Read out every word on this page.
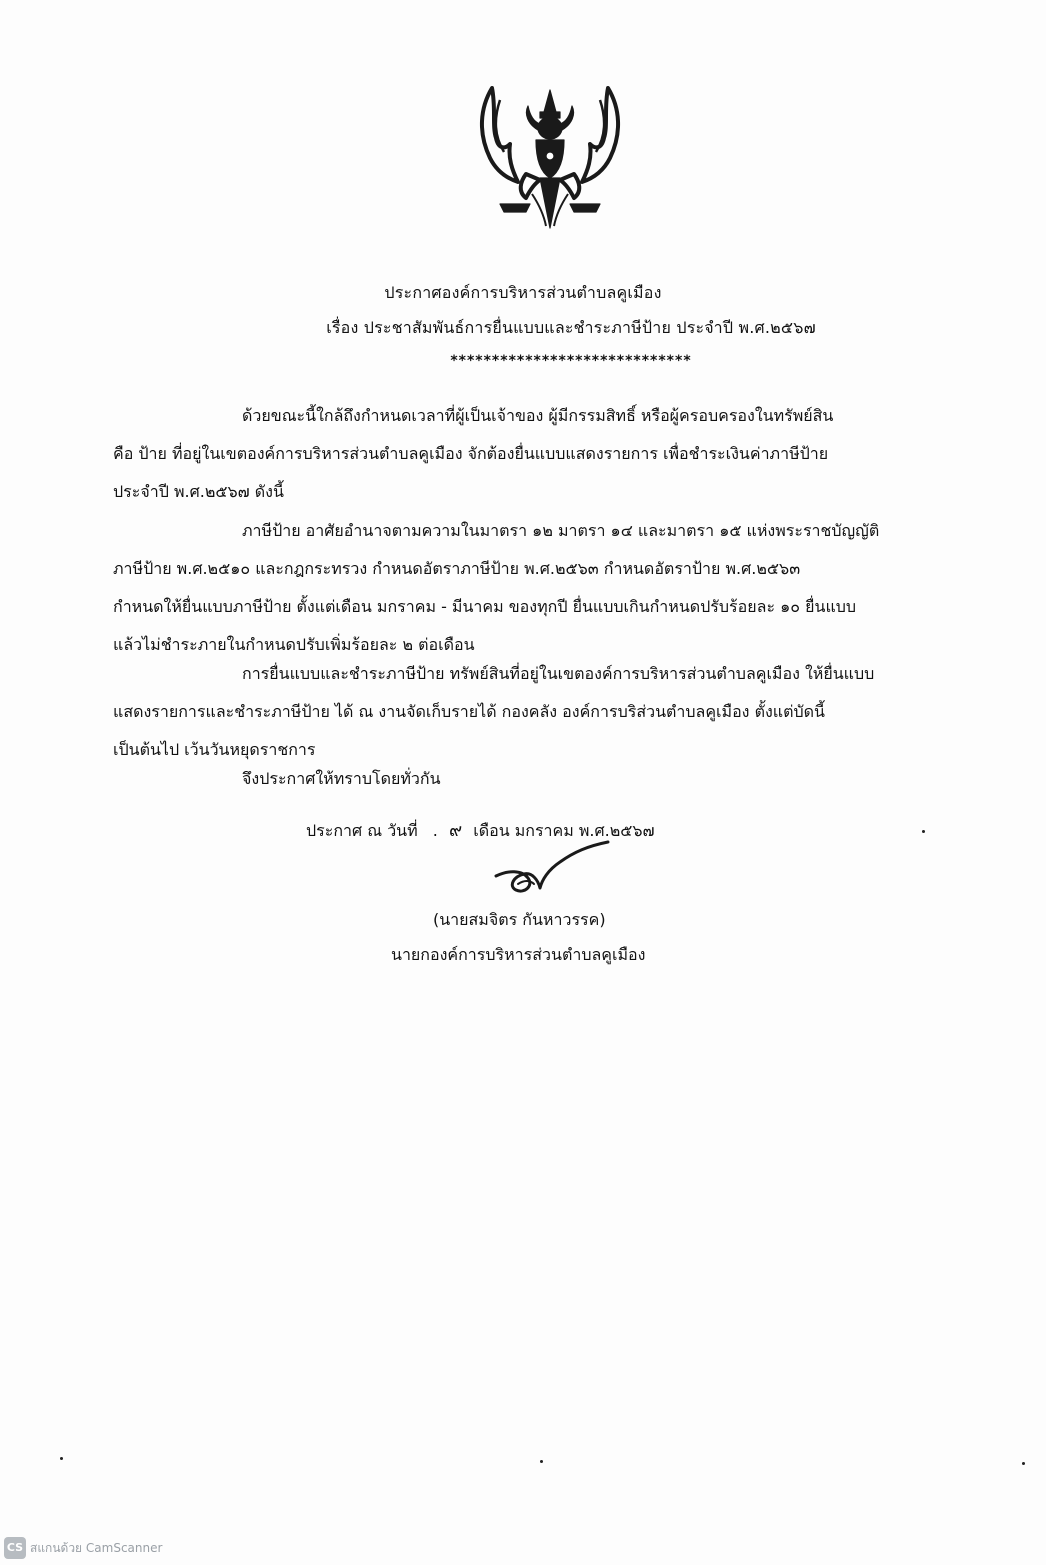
ประกาศองค์การบริหารส่วนตำบลคูเมือง
เรื่อง ประชาสัมพันธ์การยื่นแบบและชำระภาษีป้าย ประจำปี พ.ศ.๒๕๖๗
*****************************
ด้วยขณะนี้ใกล้ถึงกำหนดเวลาที่ผู้เป็นเจ้าของ ผู้มีกรรมสิทธิ์ หรือผู้ครอบครองในทรัพย์สิน
คือ ป้าย ที่อยู่ในเขตองค์การบริหารส่วนตำบลคูเมือง จักต้องยื่นแบบแสดงรายการ เพื่อชำระเงินค่าภาษีป้าย
ประจำปี พ.ศ.๒๕๖๗ ดังนี้
ภาษีป้าย อาศัยอำนาจตามความในมาตรา ๑๒ มาตรา ๑๔ และมาตรา ๑๕ แห่งพระราชบัญญัติ
ภาษีป้าย พ.ศ.๒๕๑๐ และกฎกระทรวง กำหนดอัตราภาษีป้าย พ.ศ.๒๕๖๓ กำหนดอัตราป้าย พ.ศ.๒๕๖๓
กำหนดให้ยื่นแบบภาษีป้าย ตั้งแต่เดือน มกราคม - มีนาคม ของทุกปี ยื่นแบบเกินกำหนดปรับร้อยละ ๑๐ ยื่นแบบ
แล้วไม่ชำระภายในกำหนดปรับเพิ่มร้อยละ ๒ ต่อเดือน
การยื่นแบบและชำระภาษีป้าย ทรัพย์สินที่อยู่ในเขตองค์การบริหารส่วนตำบลคูเมือง ให้ยื่นแบบ
แสดงรายการและชำระภาษีป้าย ได้ ณ งานจัดเก็บรายได้ กองคลัง องค์การบริส่วนตำบลคูเมือง ตั้งแต่บัดนี้
เป็นต้นไป เว้นวันหยุดราชการ
จึงประกาศให้ทราบโดยทั่วกัน
ประกาศ ณ วันที่ . ๙ เดือน มกราคม พ.ศ.๒๕๖๗
(นายสมจิตร กันหาวรรค)
นายกองค์การบริหารส่วนตำบลคูเมือง
CS สแกนด้วย CamScanner
